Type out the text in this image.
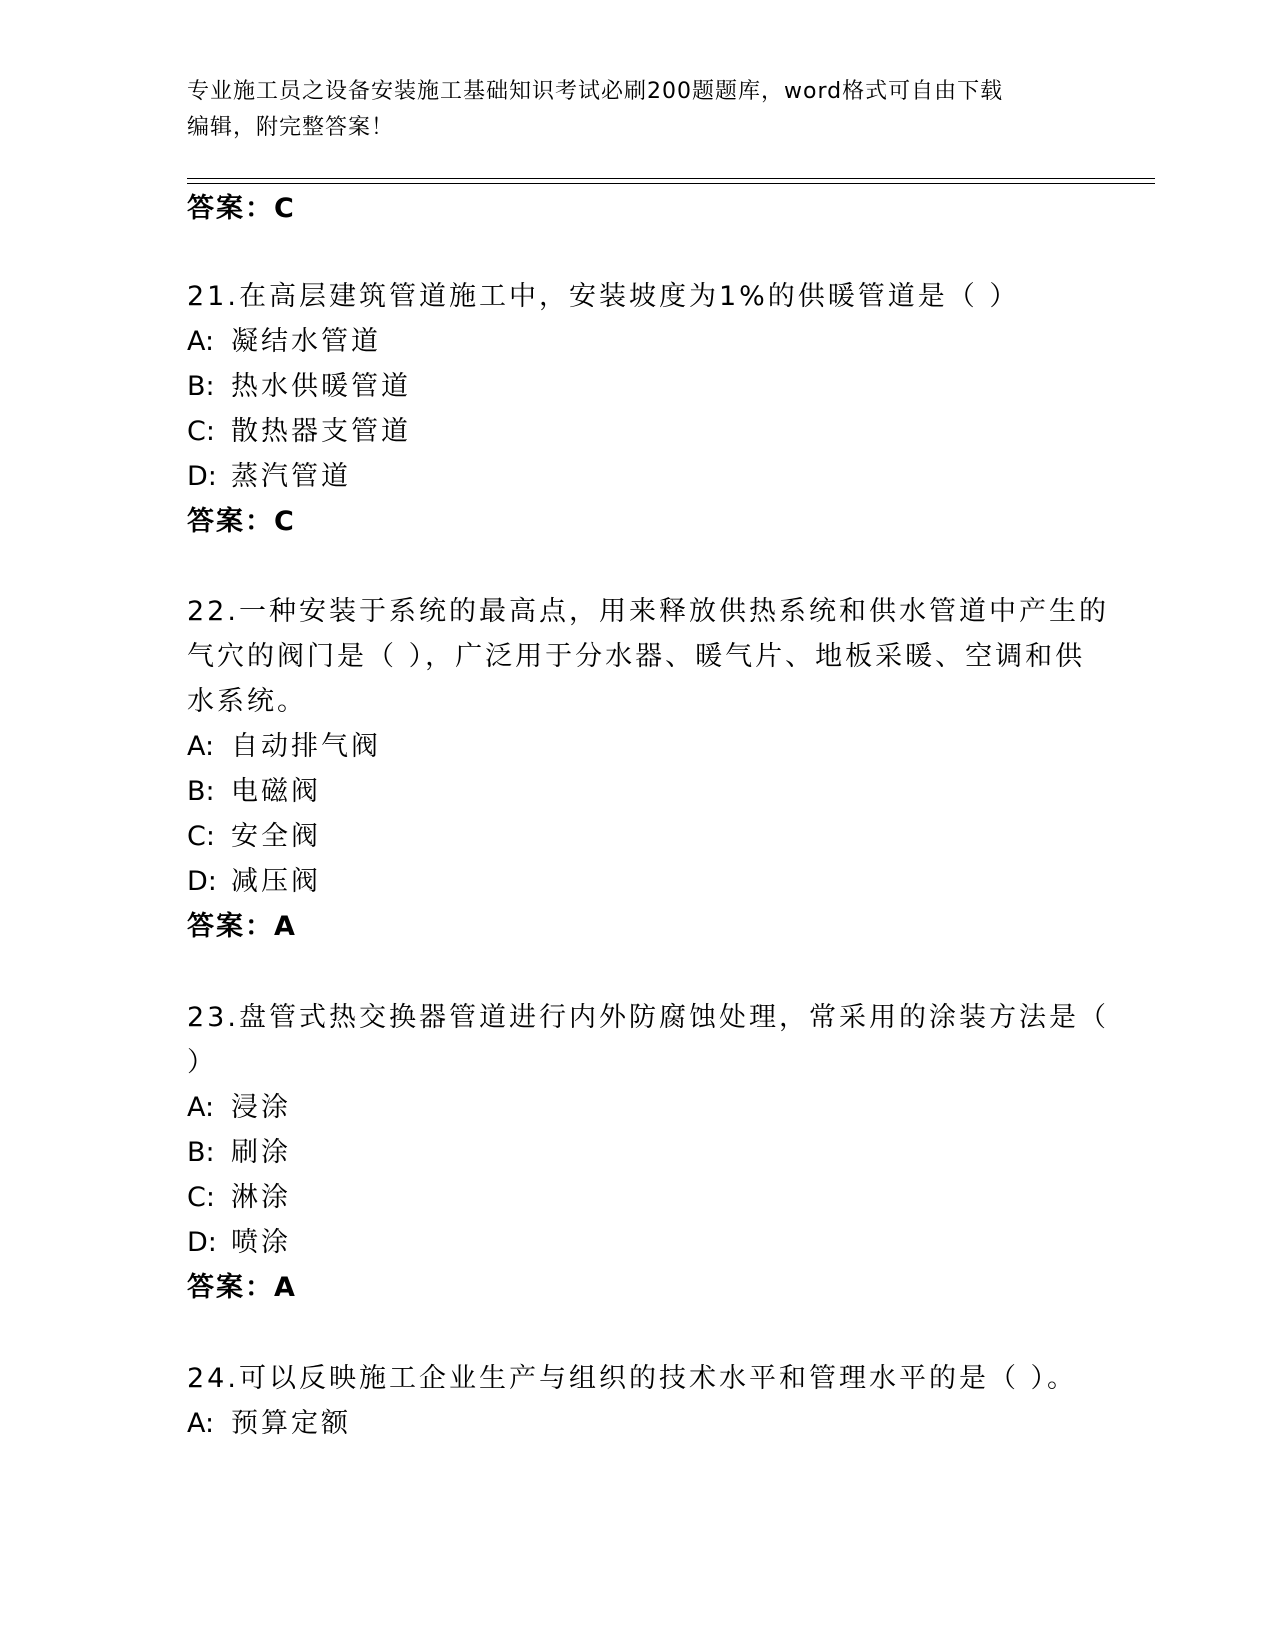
专业施工员之设备安装施工基础知识考试必刷200题题库，word格式可自由下载
编辑，附完整答案！
答案：C
21.在高层建筑管道施工中，安装坡度为1%的供暖管道是（ ）
A: 凝结水管道
B: 热水供暖管道
C: 散热器支管道
D: 蒸汽管道
答案：C
22.一种安装于系统的最高点，用来释放供热系统和供水管道中产生的
气穴的阀门是（ ），广泛用于分水器、暖气片、地板采暖、空调和供
水系统。
A: 自动排气阀
B: 电磁阀
C: 安全阀
D: 减压阀
答案：A
23.盘管式热交换器管道进行内外防腐蚀处理，常采用的涂装方法是（
）
A: 浸涂
B: 刷涂
C: 淋涂
D: 喷涂
答案：A
24.可以反映施工企业生产与组织的技术水平和管理水平的是（ ）。
A: 预算定额
